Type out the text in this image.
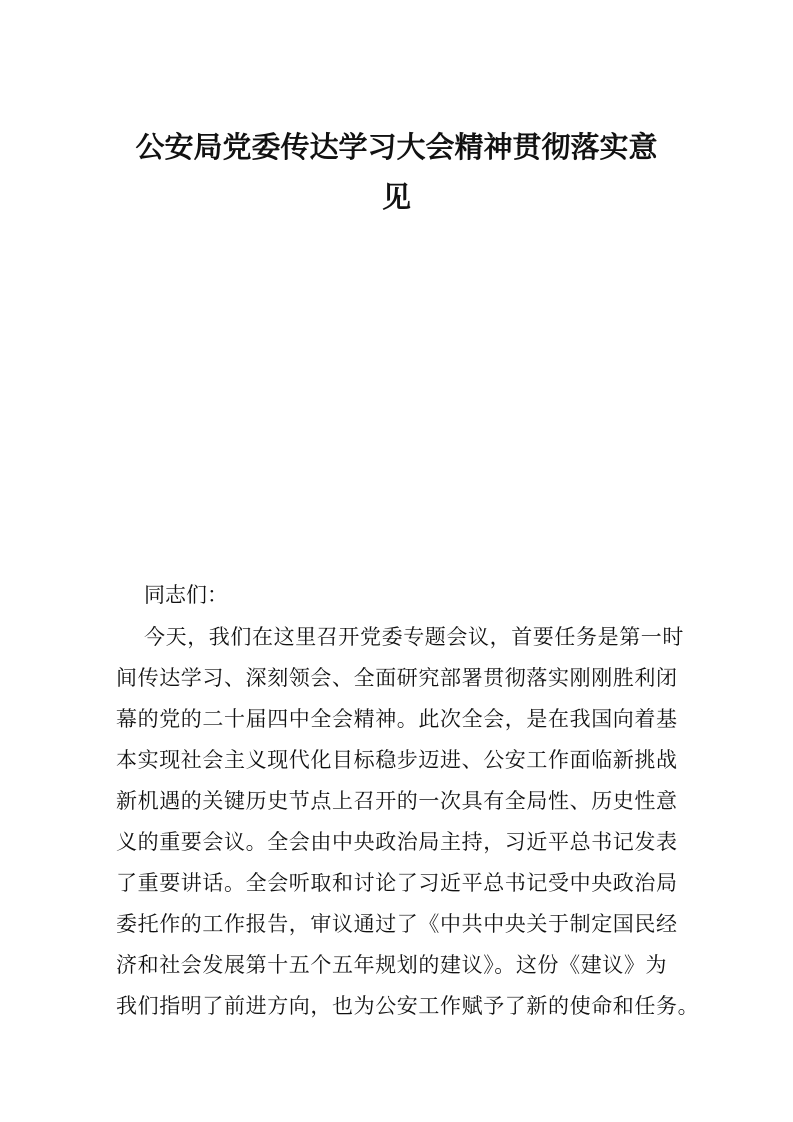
公安局党委传达学习大会精神贯彻落实意
见

同志们：

今天，我们在这里召开党委专题会议，首要任务是第一时

间传达学习、深刻领会、全面研究部署贯彻落实刚刚胜利闭

幕的党的二十届四中全会精神。此次全会，是在我国向着基

本实现社会主义现代化目标稳步迈进、公安工作面临新挑战

新机遇的关键历史节点上召开的一次具有全局性、历史性意

义的重要会议。全会由中央政治局主持，习近平总书记发表

了重要讲话。全会听取和讨论了习近平总书记受中央政治局

委托作的工作报告，审议通过了《中共中央关于制定国民经

济和社会发展第十五个五年规划的建议》。这份《建议》为

我们指明了前进方向，也为公安工作赋予了新的使命和任务。
